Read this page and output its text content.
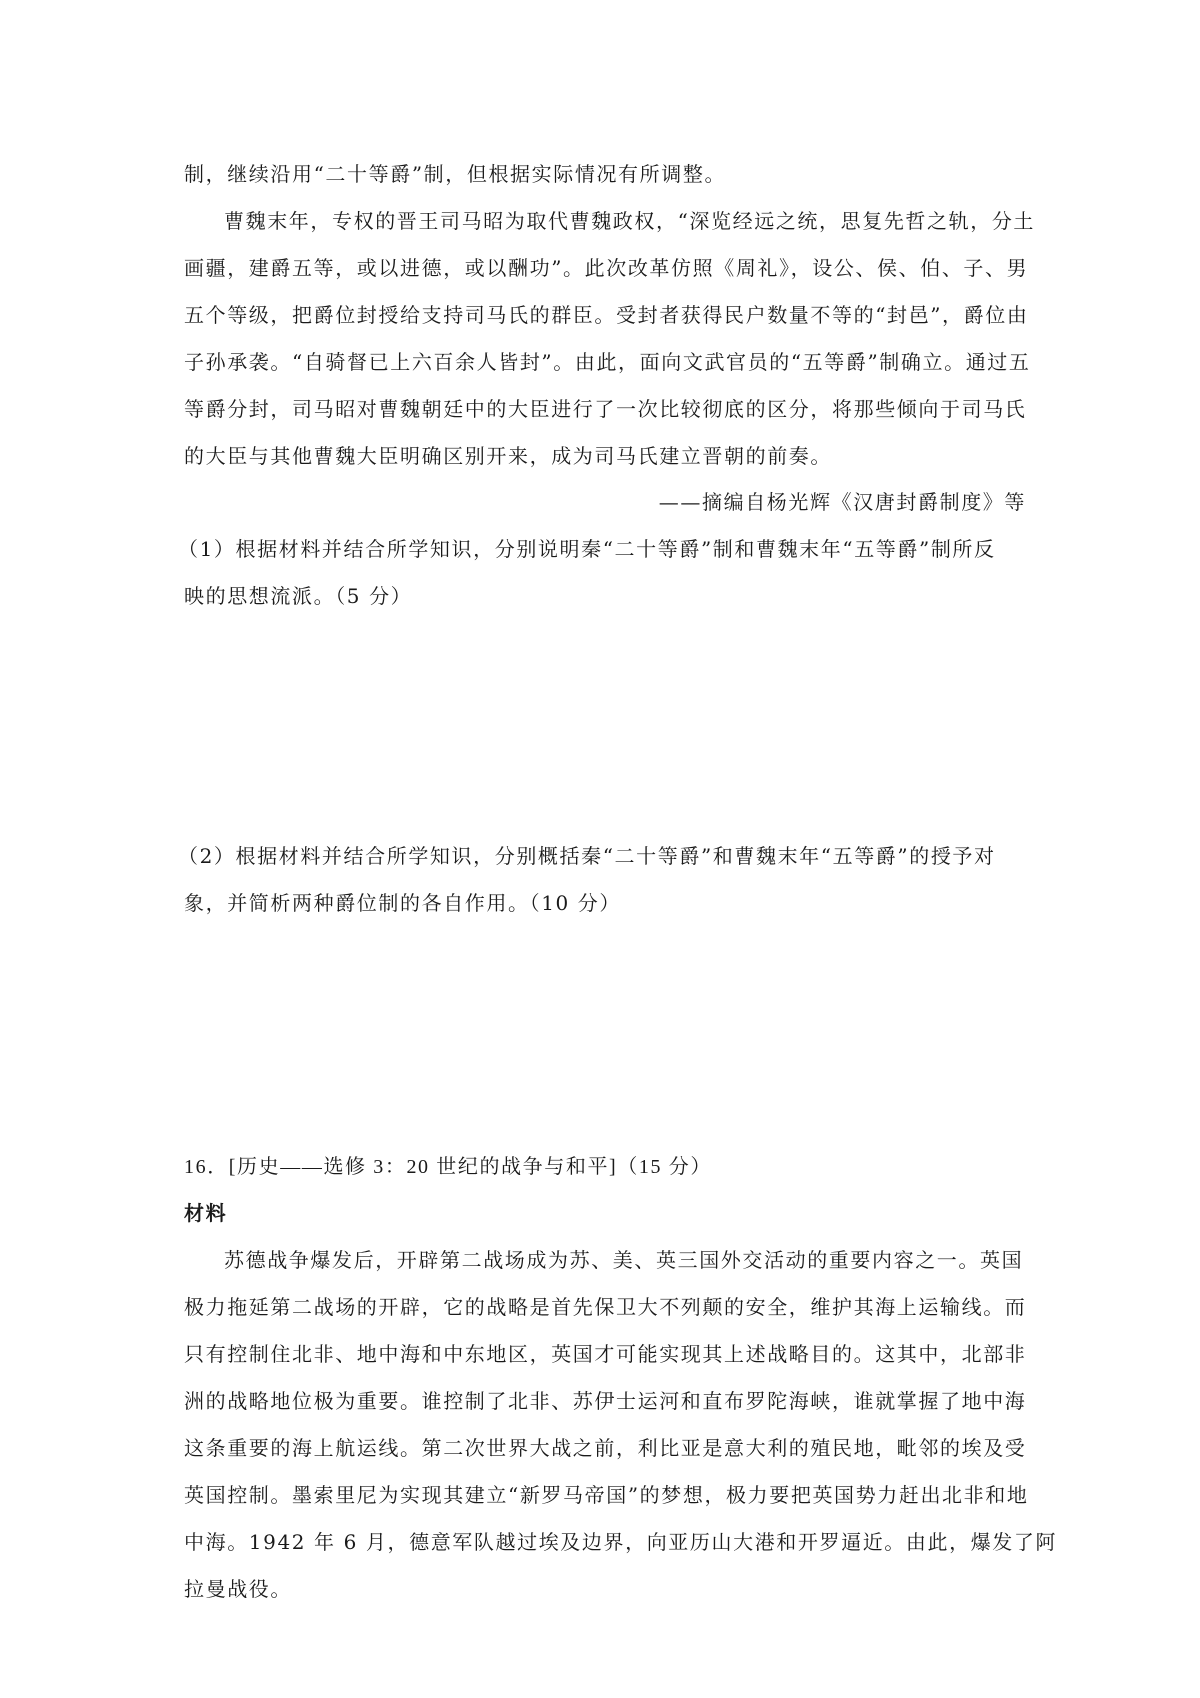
制，继续沿用“二十等爵”制，但根据实际情况有所调整。
曹魏末年，专权的晋王司马昭为取代曹魏政权，“深览经远之统，思复先哲之轨，分土
画疆，建爵五等，或以进德，或以酬功”。此次改革仿照《周礼》，设公、侯、伯、子、男
五个等级，把爵位封授给支持司马氏的群臣。受封者获得民户数量不等的“封邑”，爵位由
子孙承袭。“自骑督已上六百余人皆封”。由此，面向文武官员的“五等爵”制确立。通过五
等爵分封，司马昭对曹魏朝廷中的大臣进行了一次比较彻底的区分，将那些倾向于司马氏
的大臣与其他曹魏大臣明确区别开来，成为司马氏建立晋朝的前奏。
——摘编自杨光辉《汉唐封爵制度》等
（1）根据材料并结合所学知识，分别说明秦“二十等爵”制和曹魏末年“五等爵”制所反
映的思想流派。（5 分）
（2）根据材料并结合所学知识，分别概括秦“二十等爵”和曹魏末年“五等爵”的授予对
象，并简析两种爵位制的各自作用。（10 分）
16．[历史——选修 3：20 世纪的战争与和平]（15 分）
材料
苏德战争爆发后，开辟第二战场成为苏、美、英三国外交活动的重要内容之一。英国
极力拖延第二战场的开辟，它的战略是首先保卫大不列颠的安全，维护其海上运输线。而
只有控制住北非、地中海和中东地区，英国才可能实现其上述战略目的。这其中，北部非
洲的战略地位极为重要。谁控制了北非、苏伊士运河和直布罗陀海峡，谁就掌握了地中海
这条重要的海上航运线。第二次世界大战之前，利比亚是意大利的殖民地，毗邻的埃及受
英国控制。墨索里尼为实现其建立“新罗马帝国”的梦想，极力要把英国势力赶出北非和地
中海。1942 年 6 月，德意军队越过埃及边界，向亚历山大港和开罗逼近。由此，爆发了阿
拉曼战役。
